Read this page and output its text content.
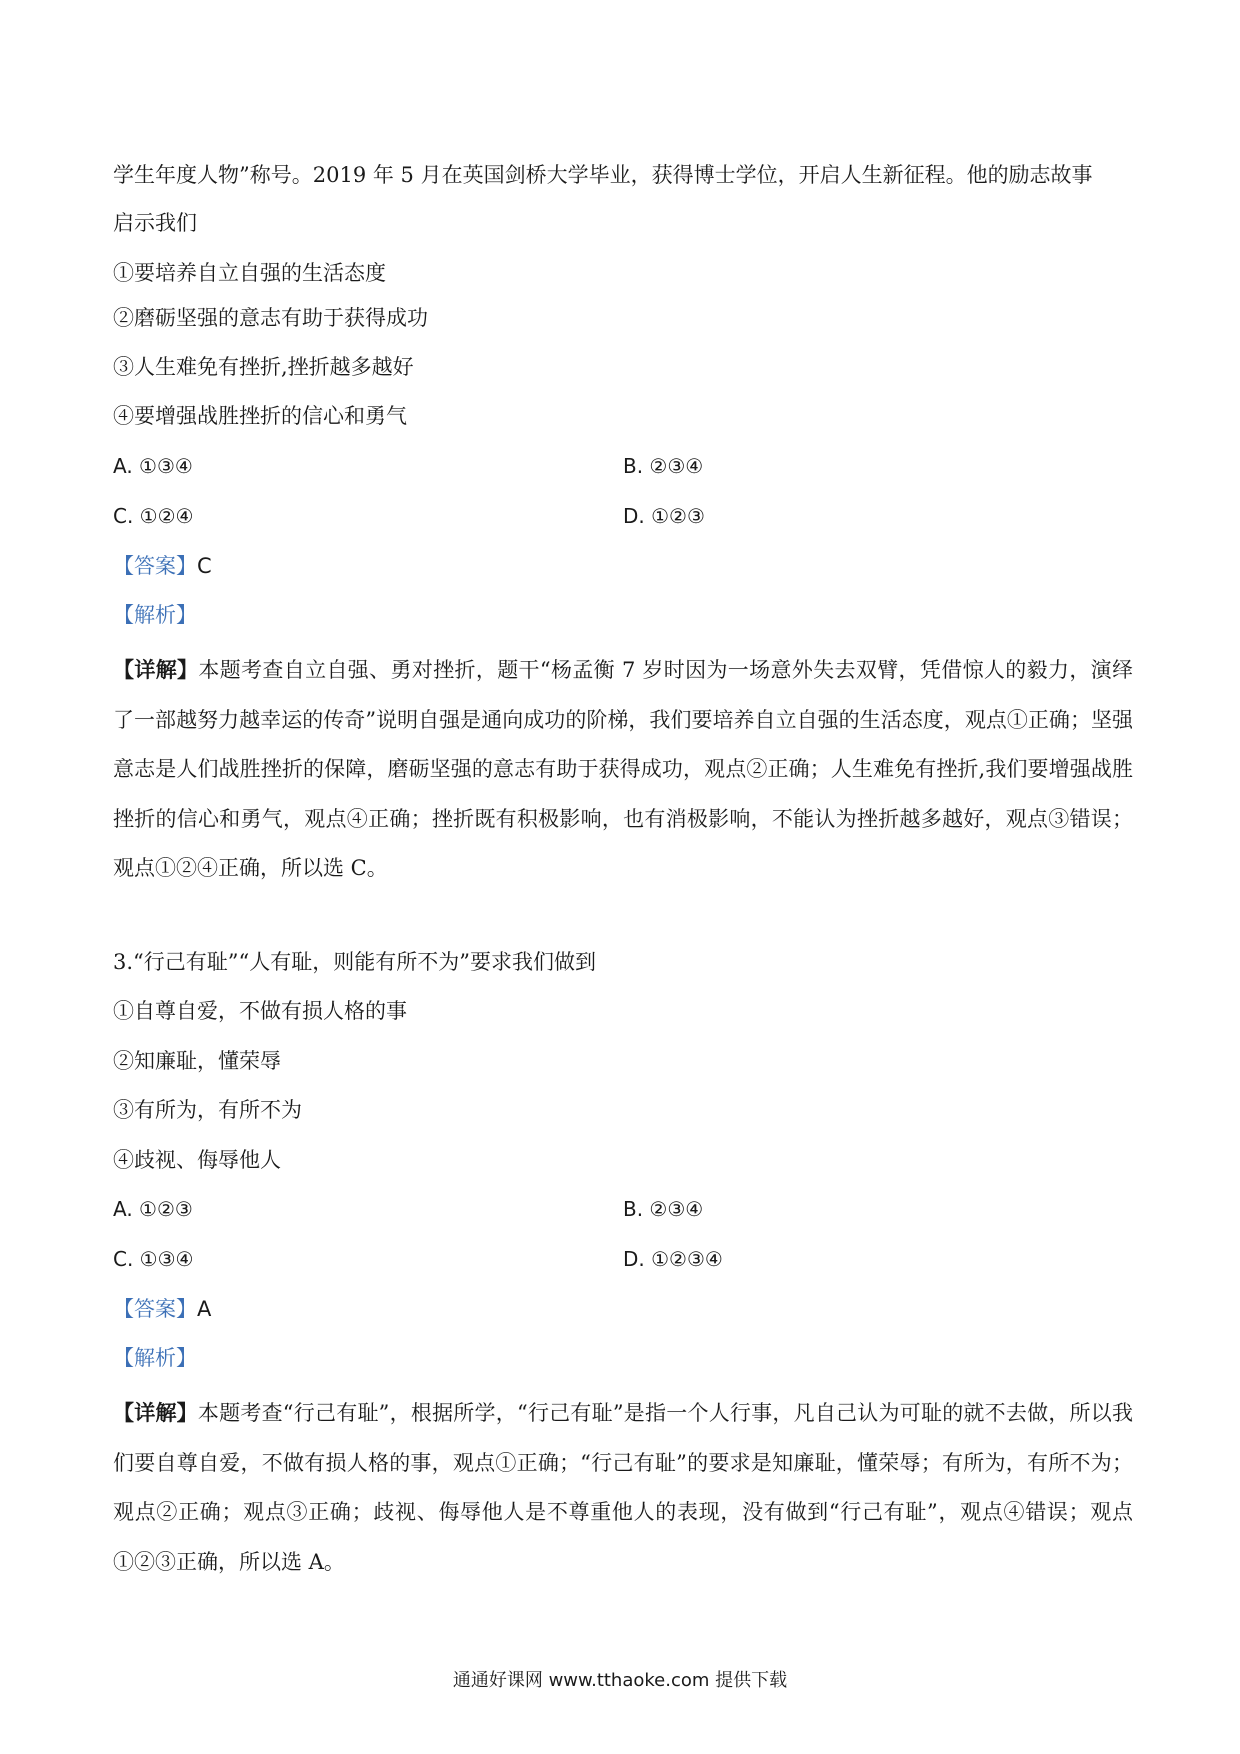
学生年度人物”称号。2019 年 5 月在英国剑桥大学毕业，获得博士学位，开启人生新征程。他的励志故事
启示我们
①要培养自立自强的生活态度
②磨砺坚强的意志有助于获得成功
③人生难免有挫折,挫折越多越好
④要增强战胜挫折的信心和勇气
A. ①③④	B. ②③④
C. ①②④	D. ①②③
【答案】C
【解析】
【详解】本题考查自立自强、勇对挫折，题干“杨孟衡 7 岁时因为一场意外失去双臂，凭借惊人的毅力，演绎了一部越努力越幸运的传奇”说明自强是通向成功的阶梯，我们要培养自立自强的生活态度，观点①正确；坚强意志是人们战胜挫折的保障，磨砺坚强的意志有助于获得成功，观点②正确；人生难免有挫折,我们要增强战胜挫折的信心和勇气，观点④正确；挫折既有积极影响，也有消极影响，不能认为挫折越多越好，观点③错误；观点①②④正确，所以选 C。
3.“行己有耻”“人有耻，则能有所不为”要求我们做到
①自尊自爱，不做有损人格的事
②知廉耻，懂荣辱
③有所为，有所不为
④歧视、侮辱他人
A. ①②③	B. ②③④
C. ①③④	D. ①②③④
【答案】A
【解析】
【详解】本题考查“行己有耻”，根据所学，“行己有耻”是指一个人行事，凡自己认为可耻的就不去做，所以我们要自尊自爱，不做有损人格的事，观点①正确；“行己有耻”的要求是知廉耻，懂荣辱；有所为，有所不为；观点②正确；观点③正确；歧视、侮辱他人是不尊重他人的表现，没有做到“行己有耻”，观点④错误；观点①②③正确，所以选 A。
通通好课网 www.tthaoke.com 提供下载
